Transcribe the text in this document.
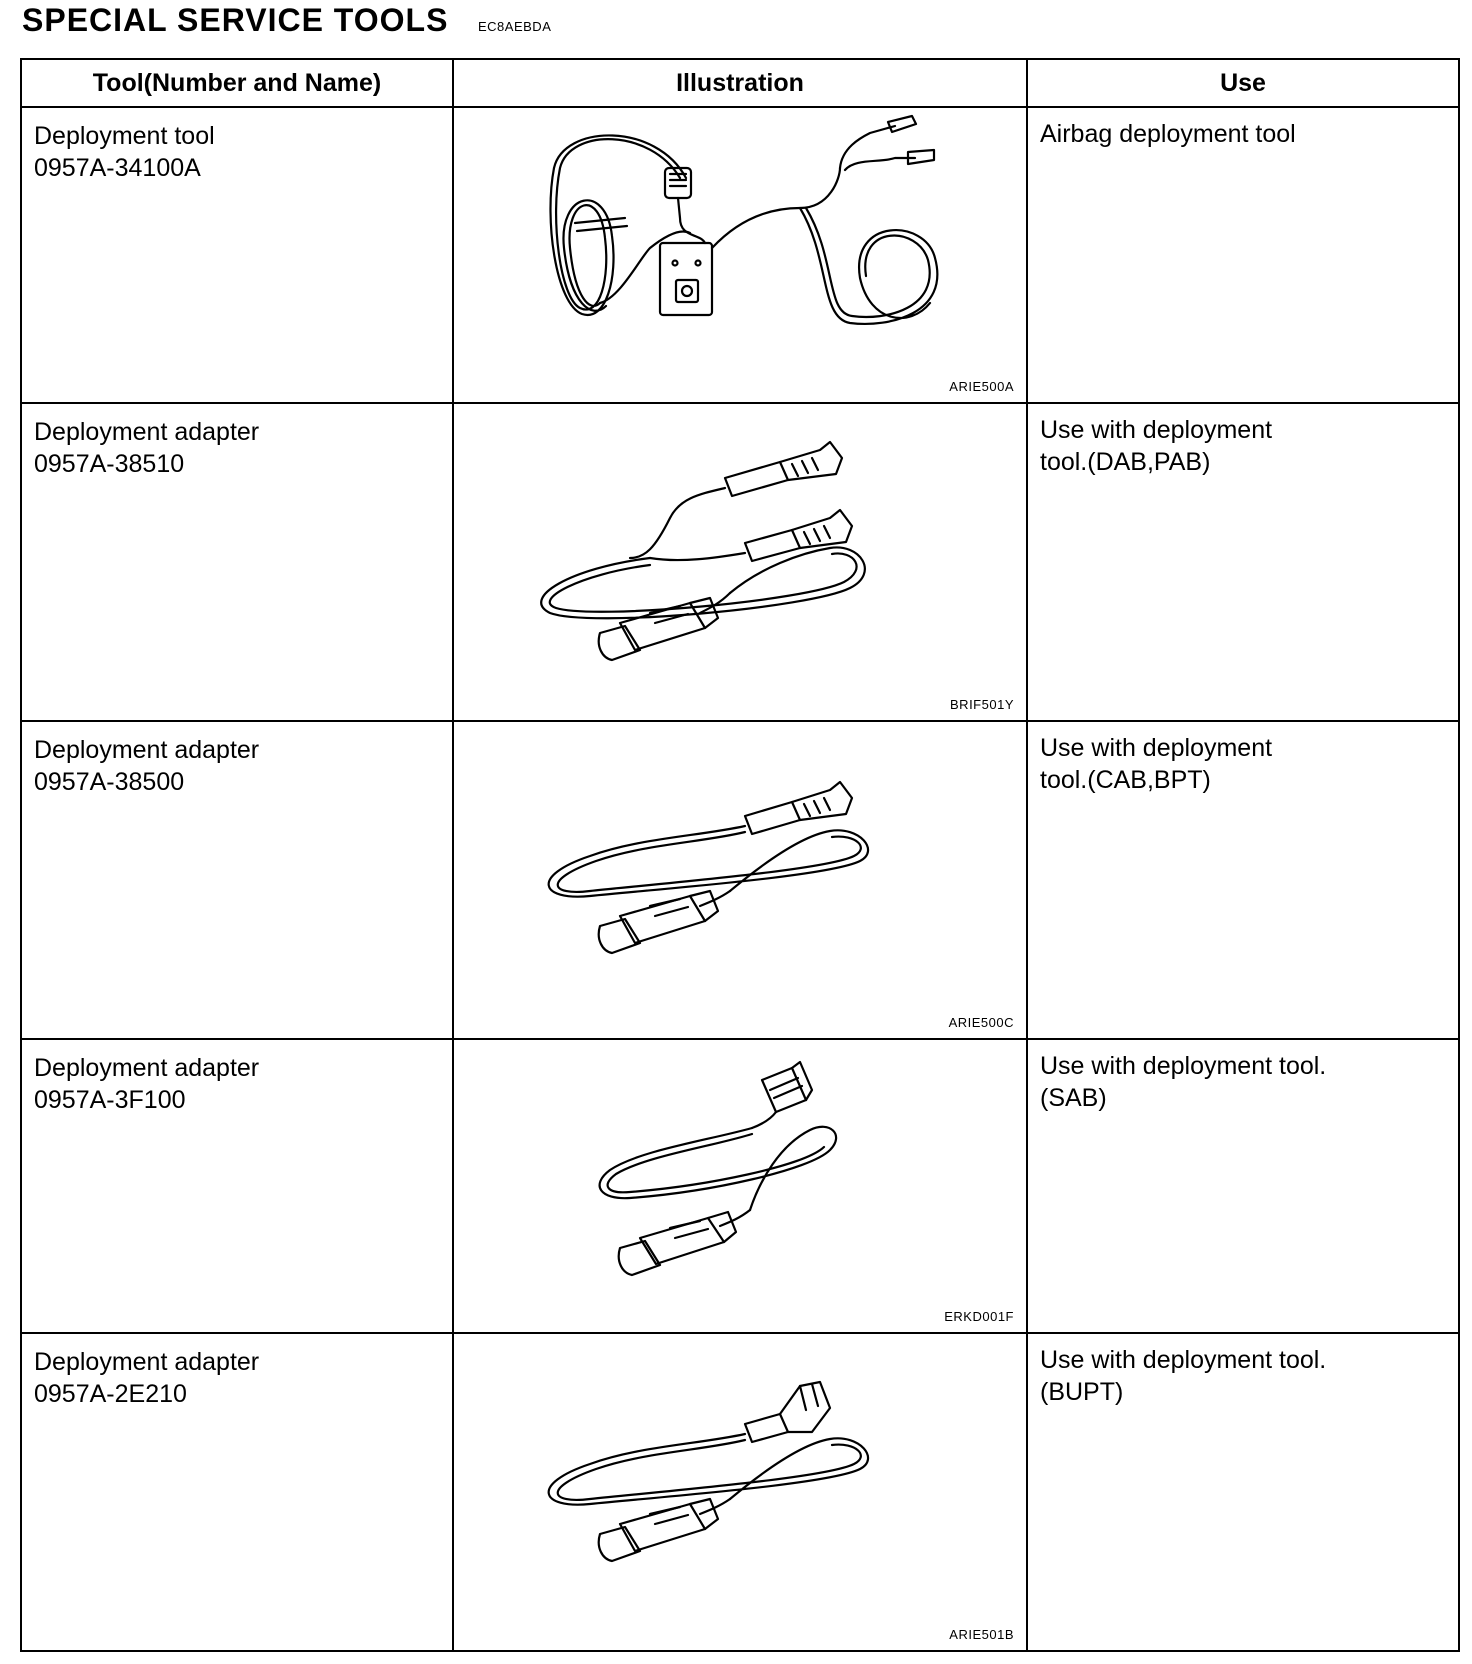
SPECIAL SERVICE TOOLS EC8AEBDA
Tool(Number and Name)	Illustration	Use

Deployment tool
0957A-34100A	ARIE500A	Airbag deployment tool

Deployment adapter
0957A-38510	BRIF501Y	Use with deployment
tool.(DAB,PAB)

Deployment adapter
0957A-38500	ARIE500C	Use with deployment
tool.(CAB,BPT)

Deployment adapter
0957A-3F100	ERKD001F	Use with deployment tool.
(SAB)

Deployment adapter
0957A-2E210	ARIE501B	Use with deployment tool.
(BUPT)
